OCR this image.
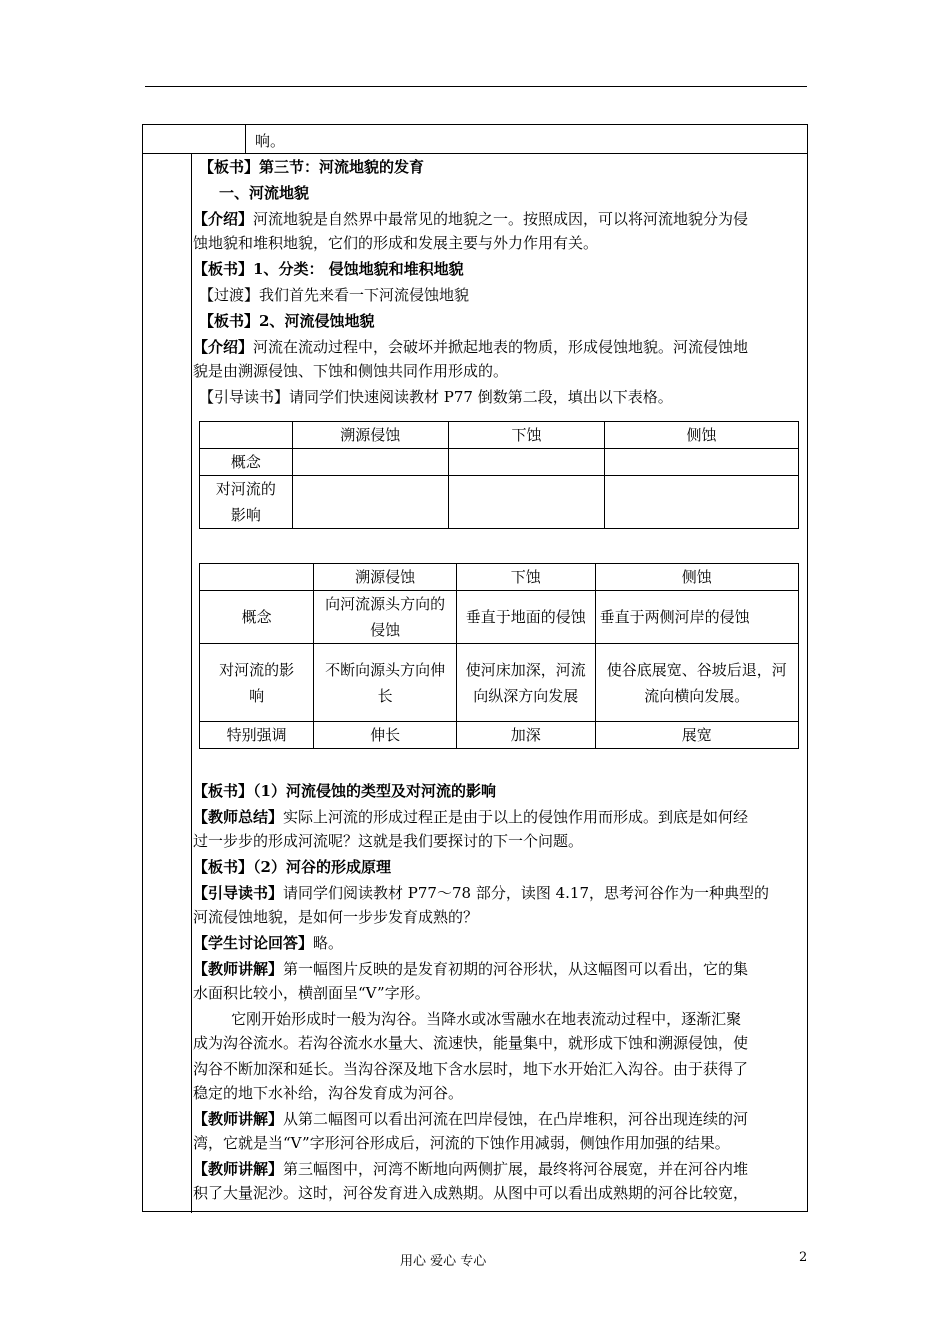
响。
【板书】第三节：河流地貌的发育
一、河流地貌
【介绍】河流地貌是自然界中最常见的地貌之一。按照成因，可以将河流地貌分为侵
蚀地貌和堆积地貌，它们的形成和发展主要与外力作用有关。
【板书】1、分类： 侵蚀地貌和堆积地貌
【过渡】我们首先来看一下河流侵蚀地貌
【板书】2、河流侵蚀地貌
【介绍】河流在流动过程中，会破坏并掀起地表的物质，形成侵蚀地貌。河流侵蚀地
貌是由溯源侵蚀、下蚀和侧蚀共同作用形成的。
【引导读书】请同学们快速阅读教材 P77 倒数第二段，填出以下表格。
	溯源侵蚀	下蚀	侧蚀
概念			
对河流的影响			
	溯源侵蚀	下蚀	侧蚀
概念	向河流源头方向的侵蚀	垂直于地面的侵蚀	垂直于两侧河岸的侵蚀
对河流的影响	不断向源头方向伸长	使河床加深，河流向纵深方向发展	使谷底展宽、谷坡后退，河流向横向发展。
特别强调	伸长	加深	展宽
【板书】（1）河流侵蚀的类型及对河流的影响
【教师总结】实际上河流的形成过程正是由于以上的侵蚀作用而形成。到底是如何经
过一步步的形成河流呢？这就是我们要探讨的下一个问题。
【板书】（2）河谷的形成原理
【引导读书】请同学们阅读教材 P77～78 部分，读图 4.17，思考河谷作为一种典型的
河流侵蚀地貌，是如何一步步发育成熟的？
【学生讨论回答】略。
【教师讲解】第一幅图片反映的是发育初期的河谷形状，从这幅图可以看出，它的集
水面积比较小，横剖面呈“V”字形。
它刚开始形成时一般为沟谷。当降水或冰雪融水在地表流动过程中，逐渐汇聚
成为沟谷流水。若沟谷流水水量大、流速快，能量集中，就形成下蚀和溯源侵蚀，使
沟谷不断加深和延长。当沟谷深及地下含水层时，地下水开始汇入沟谷。由于获得了
稳定的地下水补给，沟谷发育成为河谷。
【教师讲解】从第二幅图可以看出河流在凹岸侵蚀，在凸岸堆积，河谷出现连续的河
湾，它就是当“V”字形河谷形成后，河流的下蚀作用减弱，侧蚀作用加强的结果。
【教师讲解】第三幅图中，河湾不断地向两侧扩展，最终将河谷展宽，并在河谷内堆
积了大量泥沙。这时，河谷发育进入成熟期。从图中可以看出成熟期的河谷比较宽，
用心 爱心 专心	2
